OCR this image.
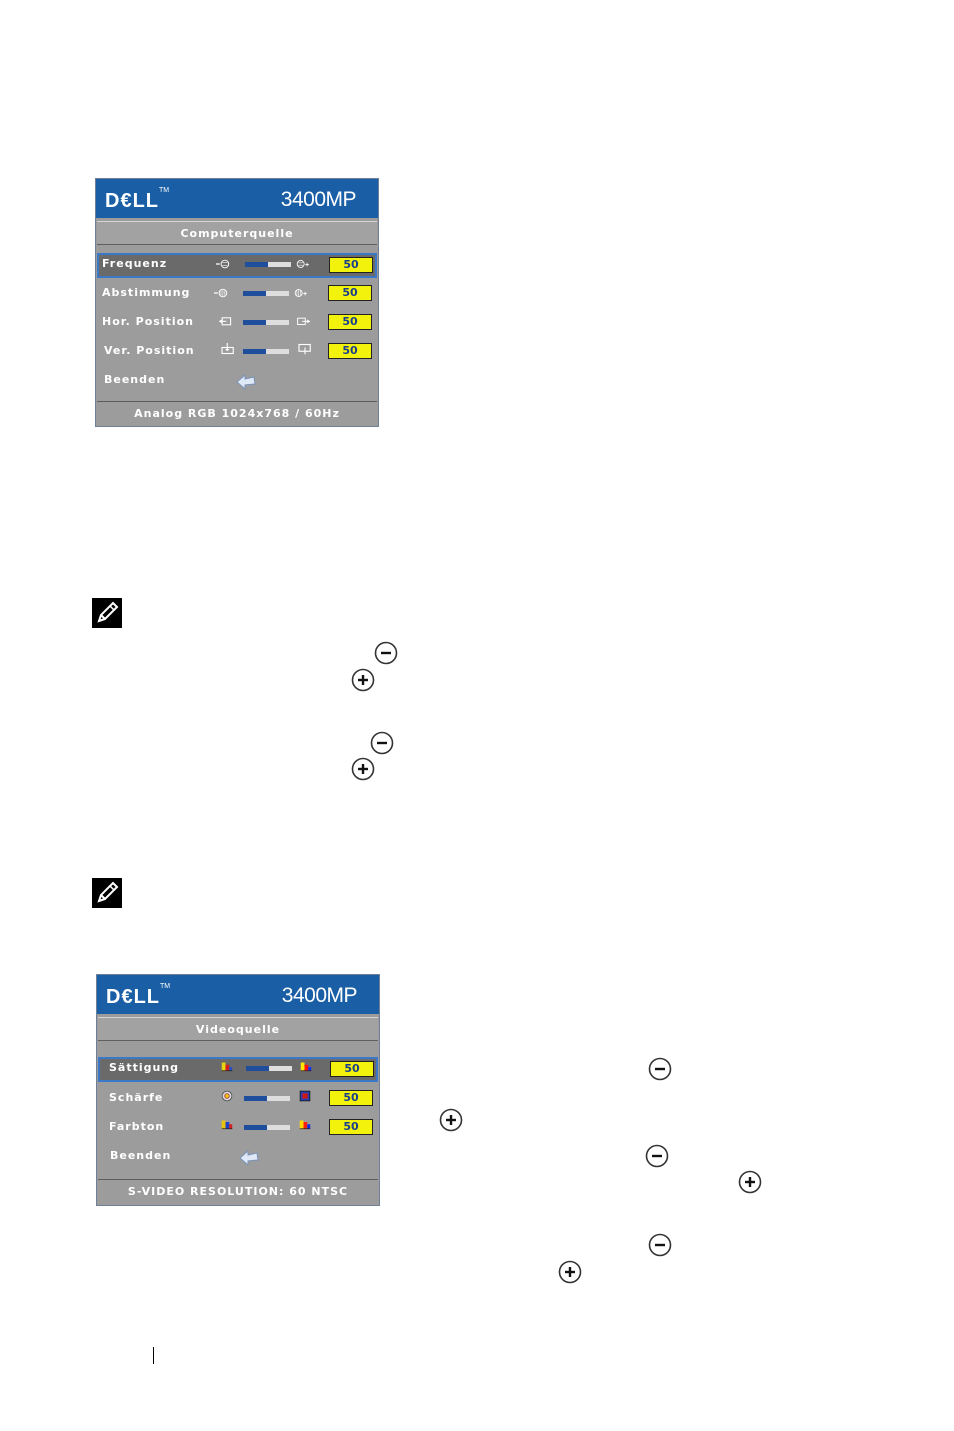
D€LL™	3400MP
Computerquelle
Frequenz	50
Abstimmung	50
Hor. Position	50
Ver. Position	50
Beenden
Analog RGB 1024x768 / 60Hz
D€LL™	3400MP
Videoquelle
Sättigung	50
Schärfe	50
Farbton	50
Beenden
S-VIDEO RESOLUTION: 60 NTSC
